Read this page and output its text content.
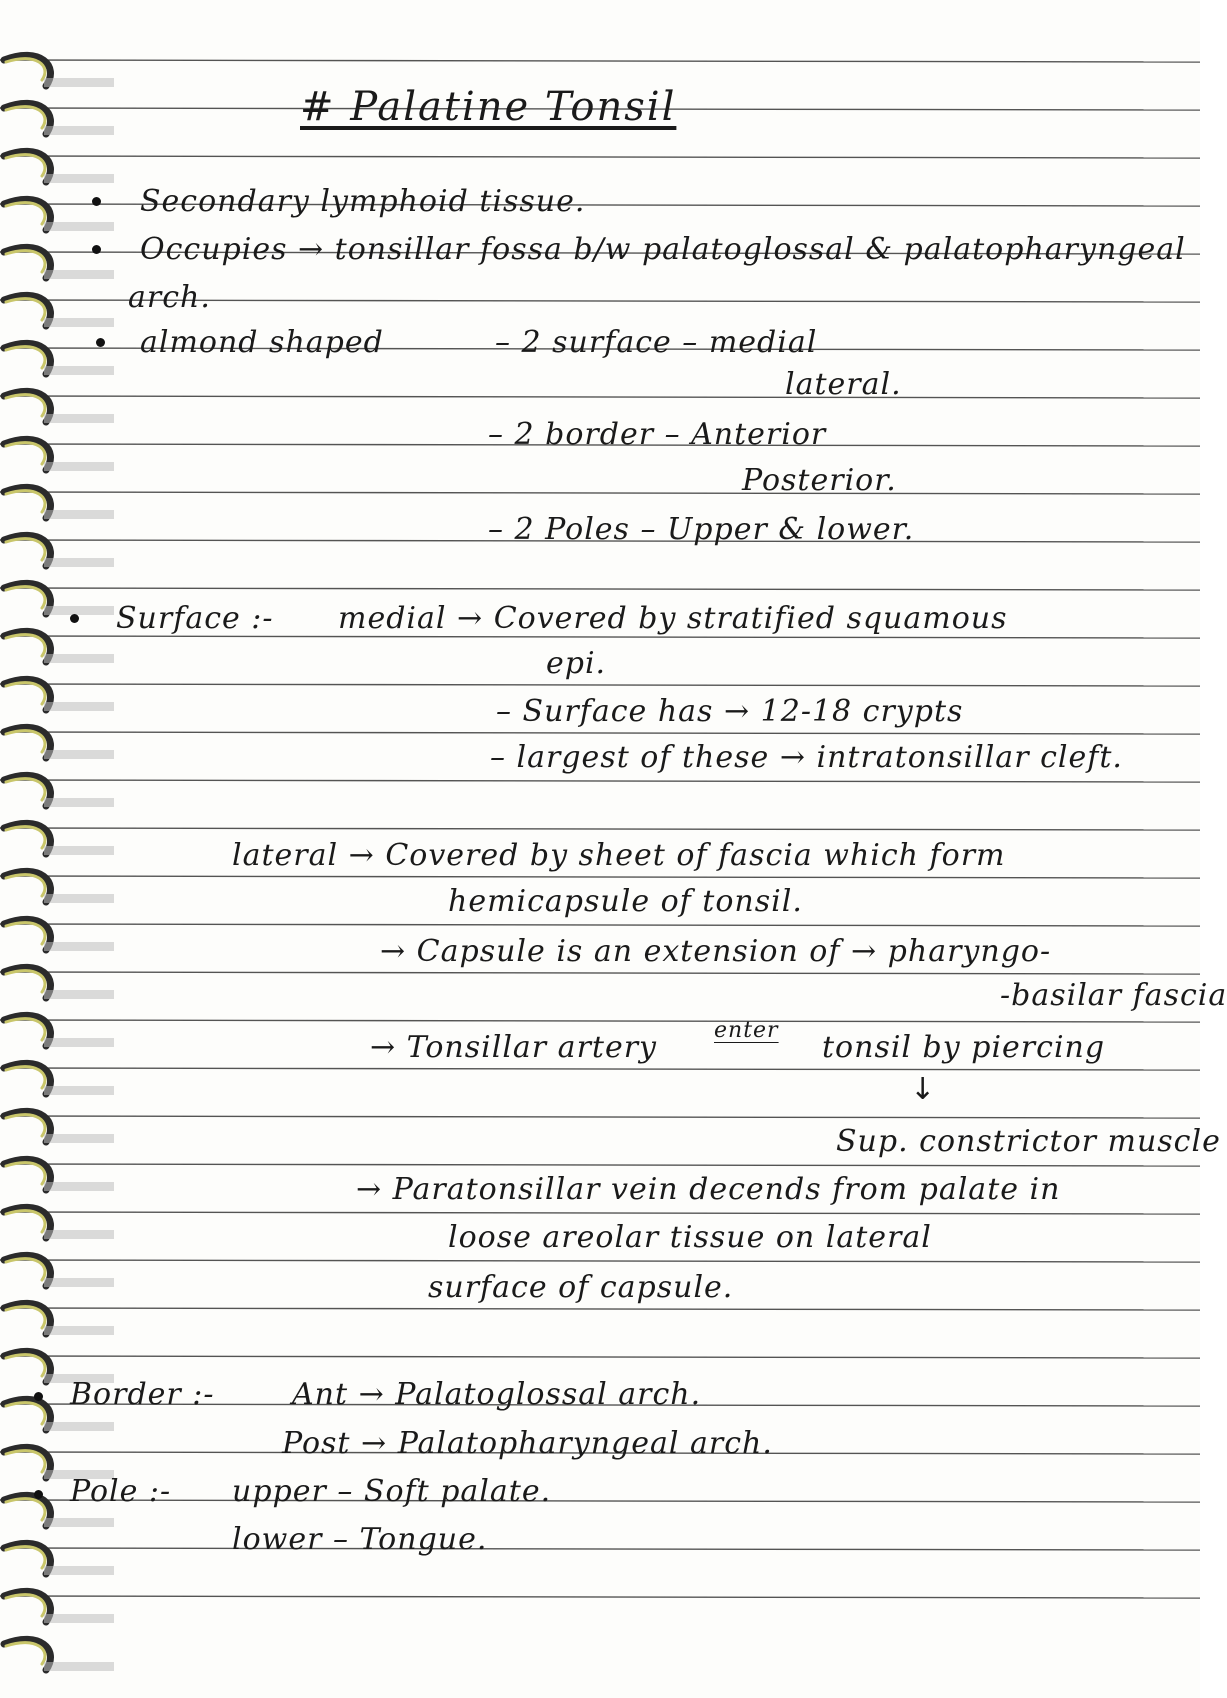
# Palatine Tonsil
Secondary lymphoid tissue.
Occupies → tonsillar fossa b/w palatoglossal & palatopharyngeal
arch.
almond shaped	– 2 surface – medial
lateral.
– 2 border – Anterior
Posterior.
– 2 Poles – Upper & lower.
Surface :- medial → Covered by stratified squamous
epi.
– Surface has → 12-18 crypts
– largest of these → intratonsillar cleft.
lateral → Covered by sheet of fascia which form
hemicapsule of tonsil.
→ Capsule is an extension of → pharyngo-
-basilar fascia
→ Tonsillar artery	enter tonsil by piercing
↓
Sup. constrictor muscle
→ Paratonsillar vein decends from palate in
loose areolar tissue on lateral
surface of capsule.
Border :-	Ant → Palatoglossal arch.
Post → Palatopharyngeal arch.
Pole :- upper – Soft palate.
lower – Tongue.
